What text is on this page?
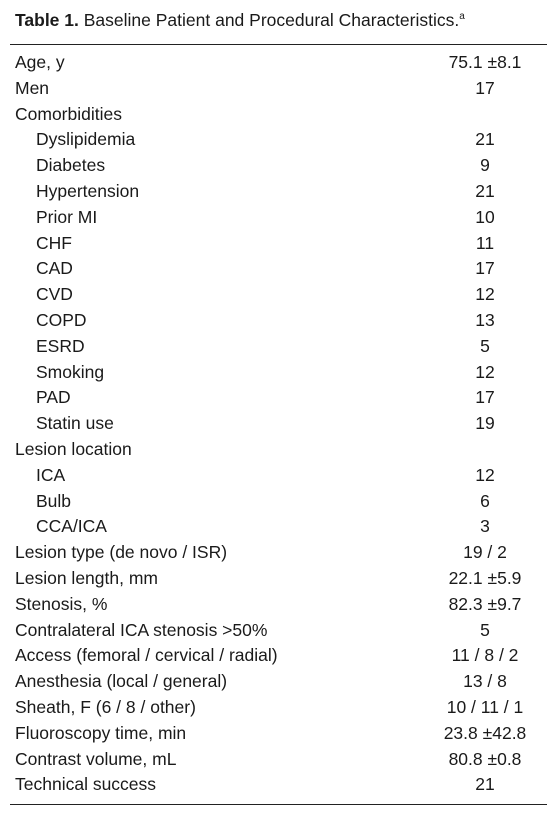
Table 1. Baseline Patient and Procedural Characteristics.$^a$
Age, y	75.1 ±8.1
Men	17
Comorbidities
Dyslipidemia	21
Diabetes	9
Hypertension	21
Prior MI	10
CHF	11
CAD	17
CVD	12
COPD	13
ESRD	5
Smoking	12
PAD	17
Statin use	19
Lesion location
ICA	12
Bulb	6
CCA/ICA	3
Lesion type (de novo / ISR)	19 / 2
Lesion length, mm	22.1 ±5.9
Stenosis, %	82.3 ±9.7
Contralateral ICA stenosis >50%	5
Access (femoral / cervical / radial)	11 / 8 / 2
Anesthesia (local / general)	13 / 8
Sheath, F (6 / 8 / other)	10 / 11 / 1
Fluoroscopy time, min	23.8 ±42.8
Contrast volume, mL	80.8 ±0.8
Technical success	21
